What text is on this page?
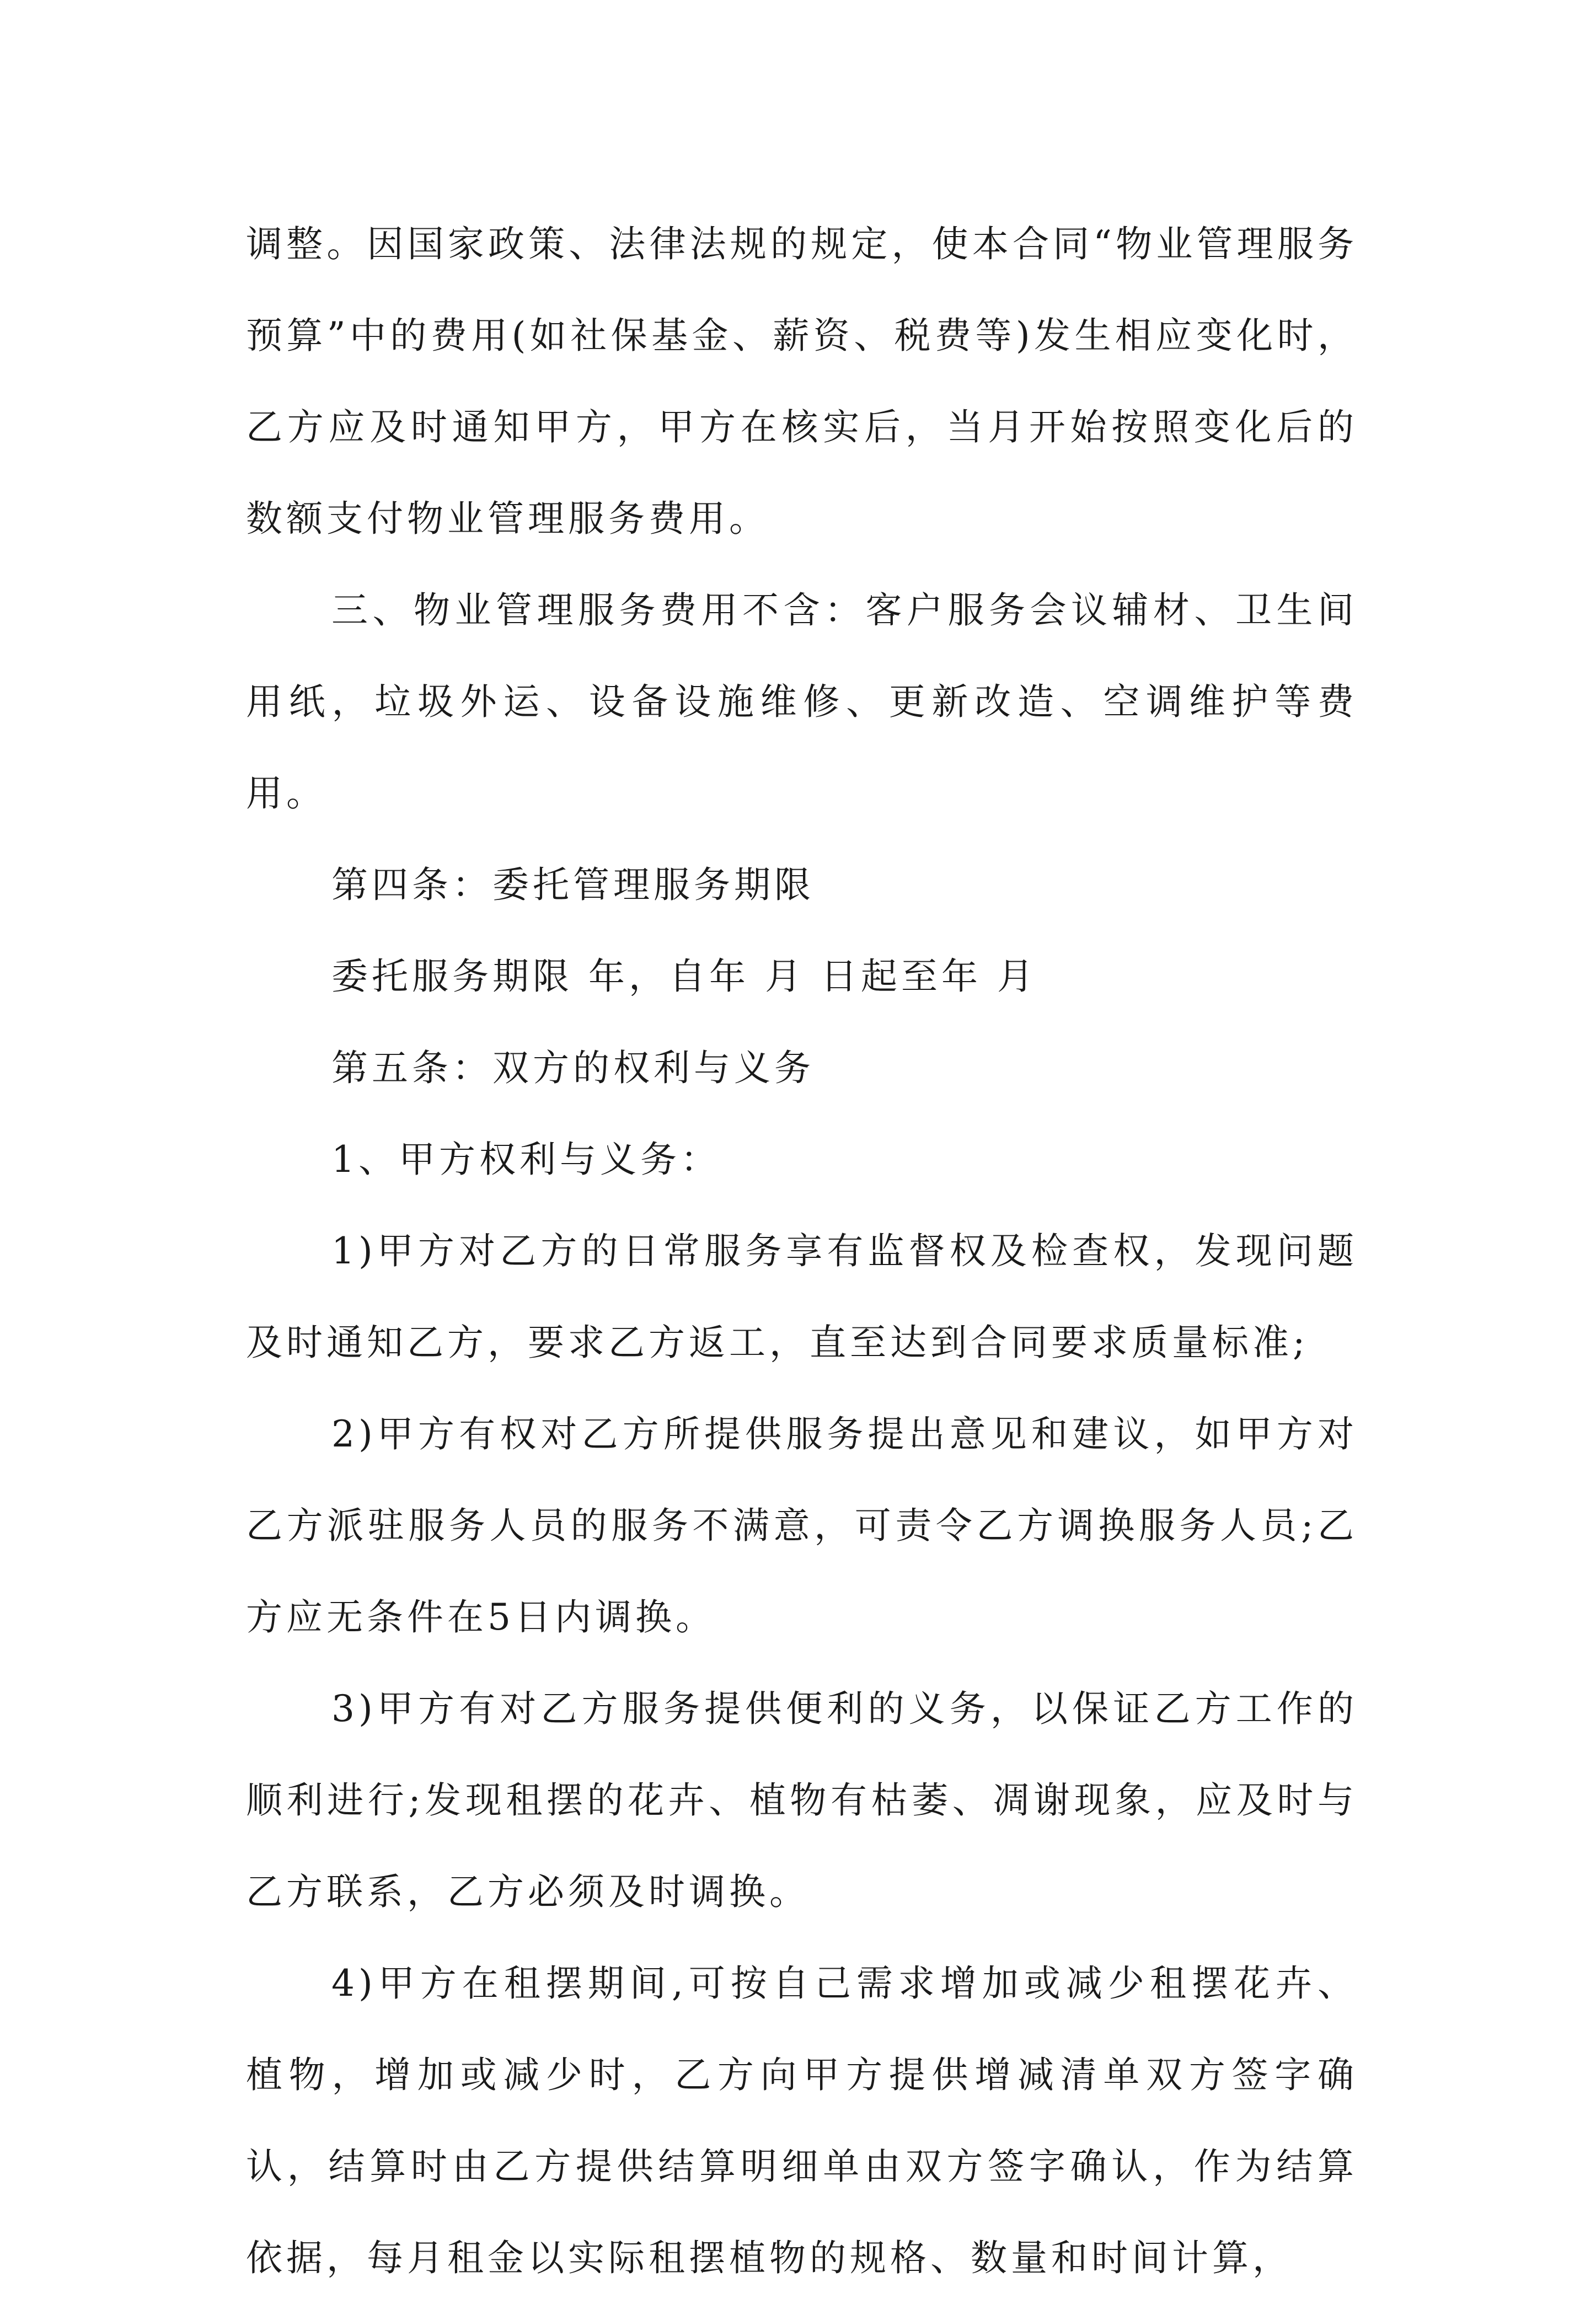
调整。因国家政策、法律法规的规定，使本合同“物业管理服务预算”中的费用(如社保基金、薪资、税费等)发生相应变化时，乙方应及时通知甲方，甲方在核实后，当月开始按照变化后的数额支付物业管理服务费用。

三、物业管理服务费用不含：客户服务会议辅材、卫生间用纸，垃圾外运、设备设施维修、更新改造、空调维护等费用。

第四条：委托管理服务期限

委托服务期限 年，自年 月 日起至年 月

第五条：双方的权利与义务

1、甲方权利与义务：

1)甲方对乙方的日常服务享有监督权及检查权，发现问题及时通知乙方，要求乙方返工，直至达到合同要求质量标准;

2)甲方有权对乙方所提供服务提出意见和建议，如甲方对乙方派驻服务人员的服务不满意，可责令乙方调换服务人员;乙方应无条件在5日内调换。

3)甲方有对乙方服务提供便利的义务，以保证乙方工作的顺利进行;发现租摆的花卉、植物有枯萎、凋谢现象，应及时与乙方联系，乙方必须及时调换。

4)甲方在租摆期间,可按自己需求增加或减少租摆花卉、植物，增加或减少时，乙方向甲方提供增减清单双方签字确认，结算时由乙方提供结算明细单由双方签字确认，作为结算依据，每月租金以实际租摆植物的规格、数量和时间计算，
